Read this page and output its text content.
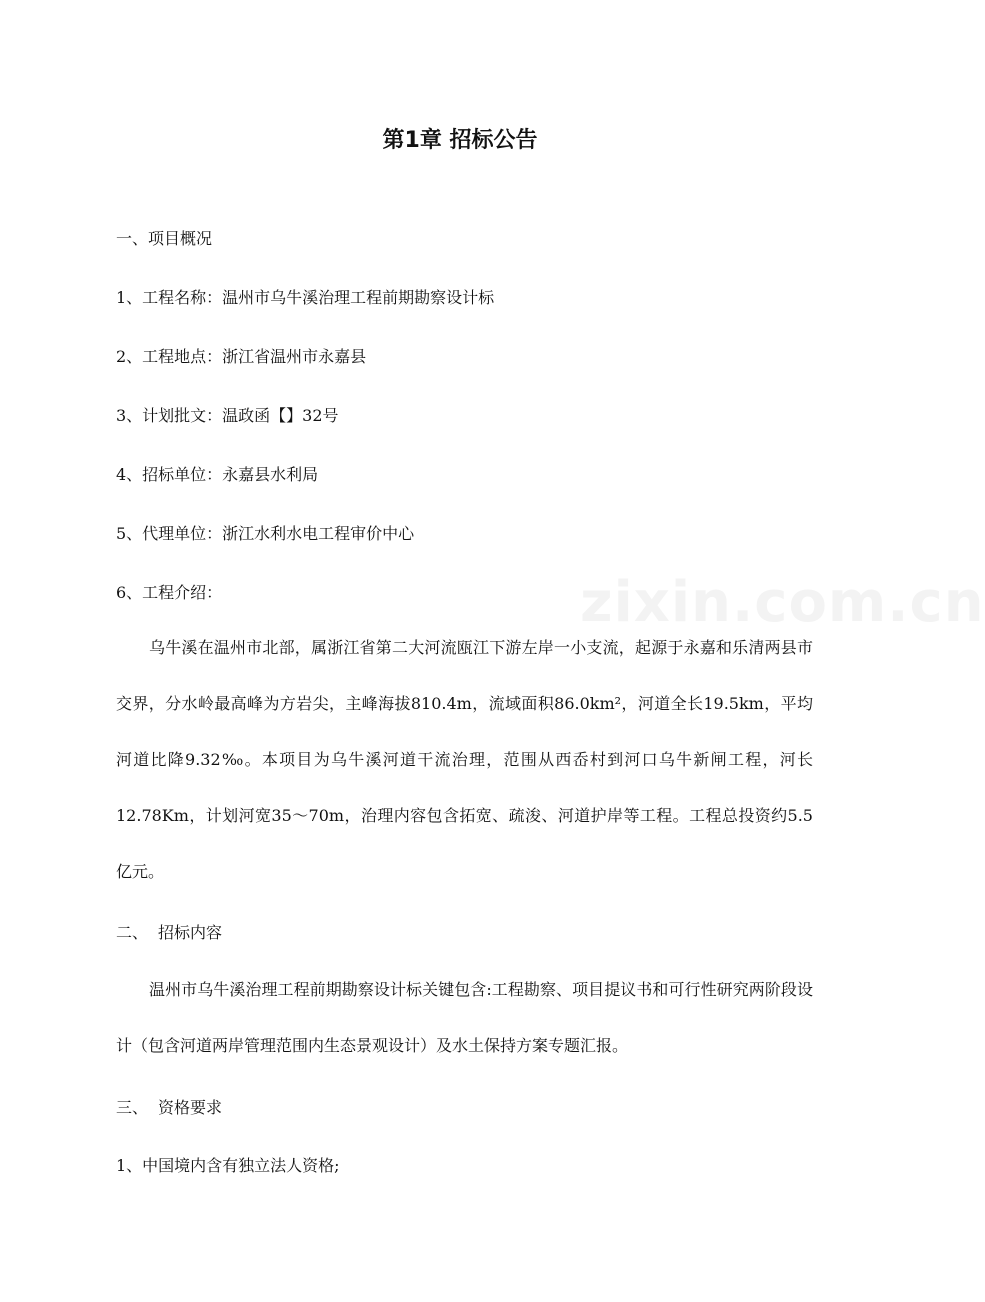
zixin.com.cn
第1章 招标公告
一、项目概况
1、工程名称：温州市乌牛溪治理工程前期勘察设计标
2、工程地点：浙江省温州市永嘉县
3、计划批文：温政函【】32号
4、招标单位：永嘉县水利局
5、代理单位：浙江水利水电工程审价中心
6、工程介绍：
乌牛溪在温州市北部，属浙江省第二大河流瓯江下游左岸一小支流，起源于永嘉和乐清两县市交界，分水岭最高峰为方岩尖，主峰海拔810.4m，流域面积86.0km²，河道全长19.5km，平均河道比降9.32‰。本项目为乌牛溪河道干流治理，范围从西岙村到河口乌牛新闸工程，河长12.78Km，计划河宽35～70m，治理内容包含拓宽、疏浚、河道护岸等工程。工程总投资约5.5亿元。
二、 招标内容
温州市乌牛溪治理工程前期勘察设计标关键包含:工程勘察、项目提议书和可行性研究两阶段设计（包含河道两岸管理范围内生态景观设计）及水土保持方案专题汇报。
三、 资格要求
1、中国境内含有独立法人资格;
